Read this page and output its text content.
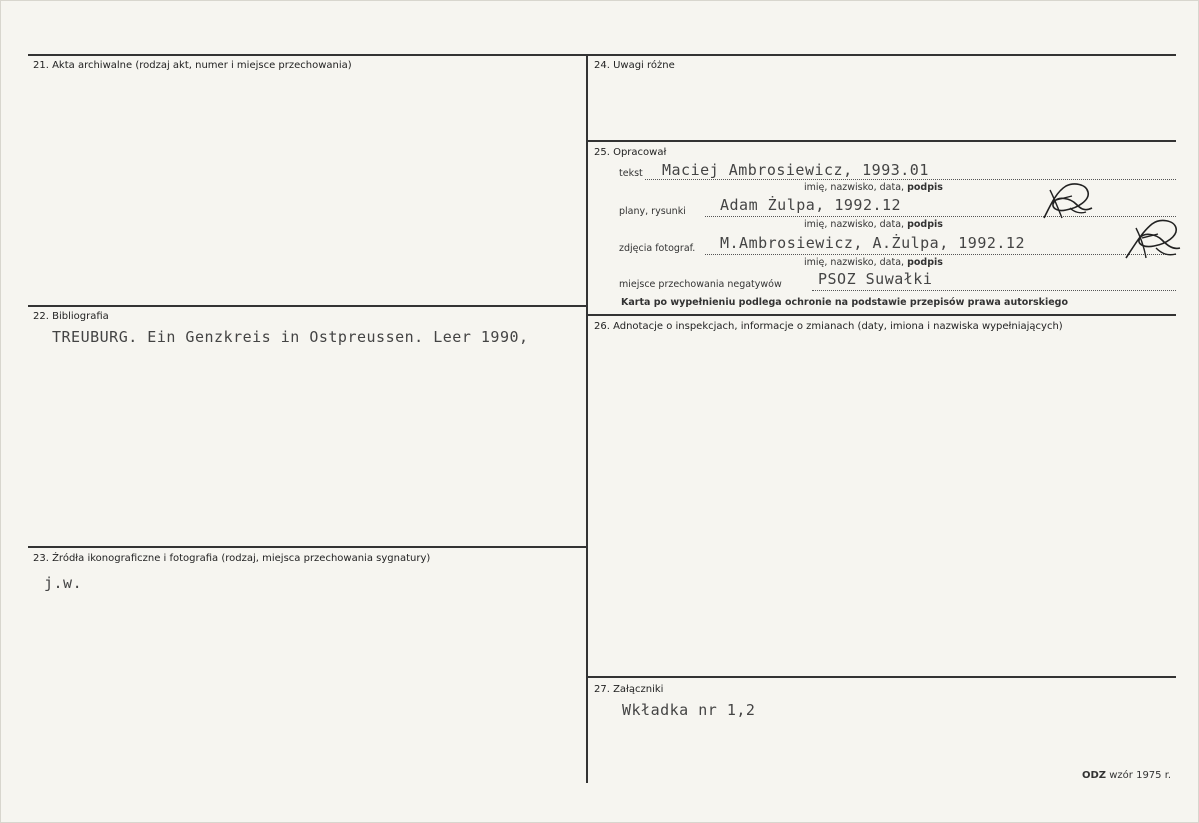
21. Akta archiwalne (rodzaj akt, numer i miejsce przechowania)
22. Bibliografia
TREUBURG. Ein Genzkreis in Ostpreussen. Leer 1990,
23. Źródła ikonograficzne i fotografia (rodzaj, miejsca przechowania sygnatury)
j.w.
24. Uwagi różne
25. Opracował
tekst Maciej Ambrosiewicz, 1993.01
imię, nazwisko, data, podpis
plany, rysunki Adam Żulpa, 1992.12
imię, nazwisko, data, podpis
zdjęcia fotograf. M.Ambrosiewicz, A.Żulpa, 1992.12
imię, nazwisko, data, podpis
miejsce przechowania negatywów PSOZ Suwałki
Karta po wypełnieniu podlega ochronie na podstawie przepisów prawa autorskiego
26. Adnotacje o inspekcjach, informacje o zmianach (daty, imiona i nazwiska wypełniających)
27. Załączniki
Wkładka nr 1,2
ODZ wzór 1975 r.
